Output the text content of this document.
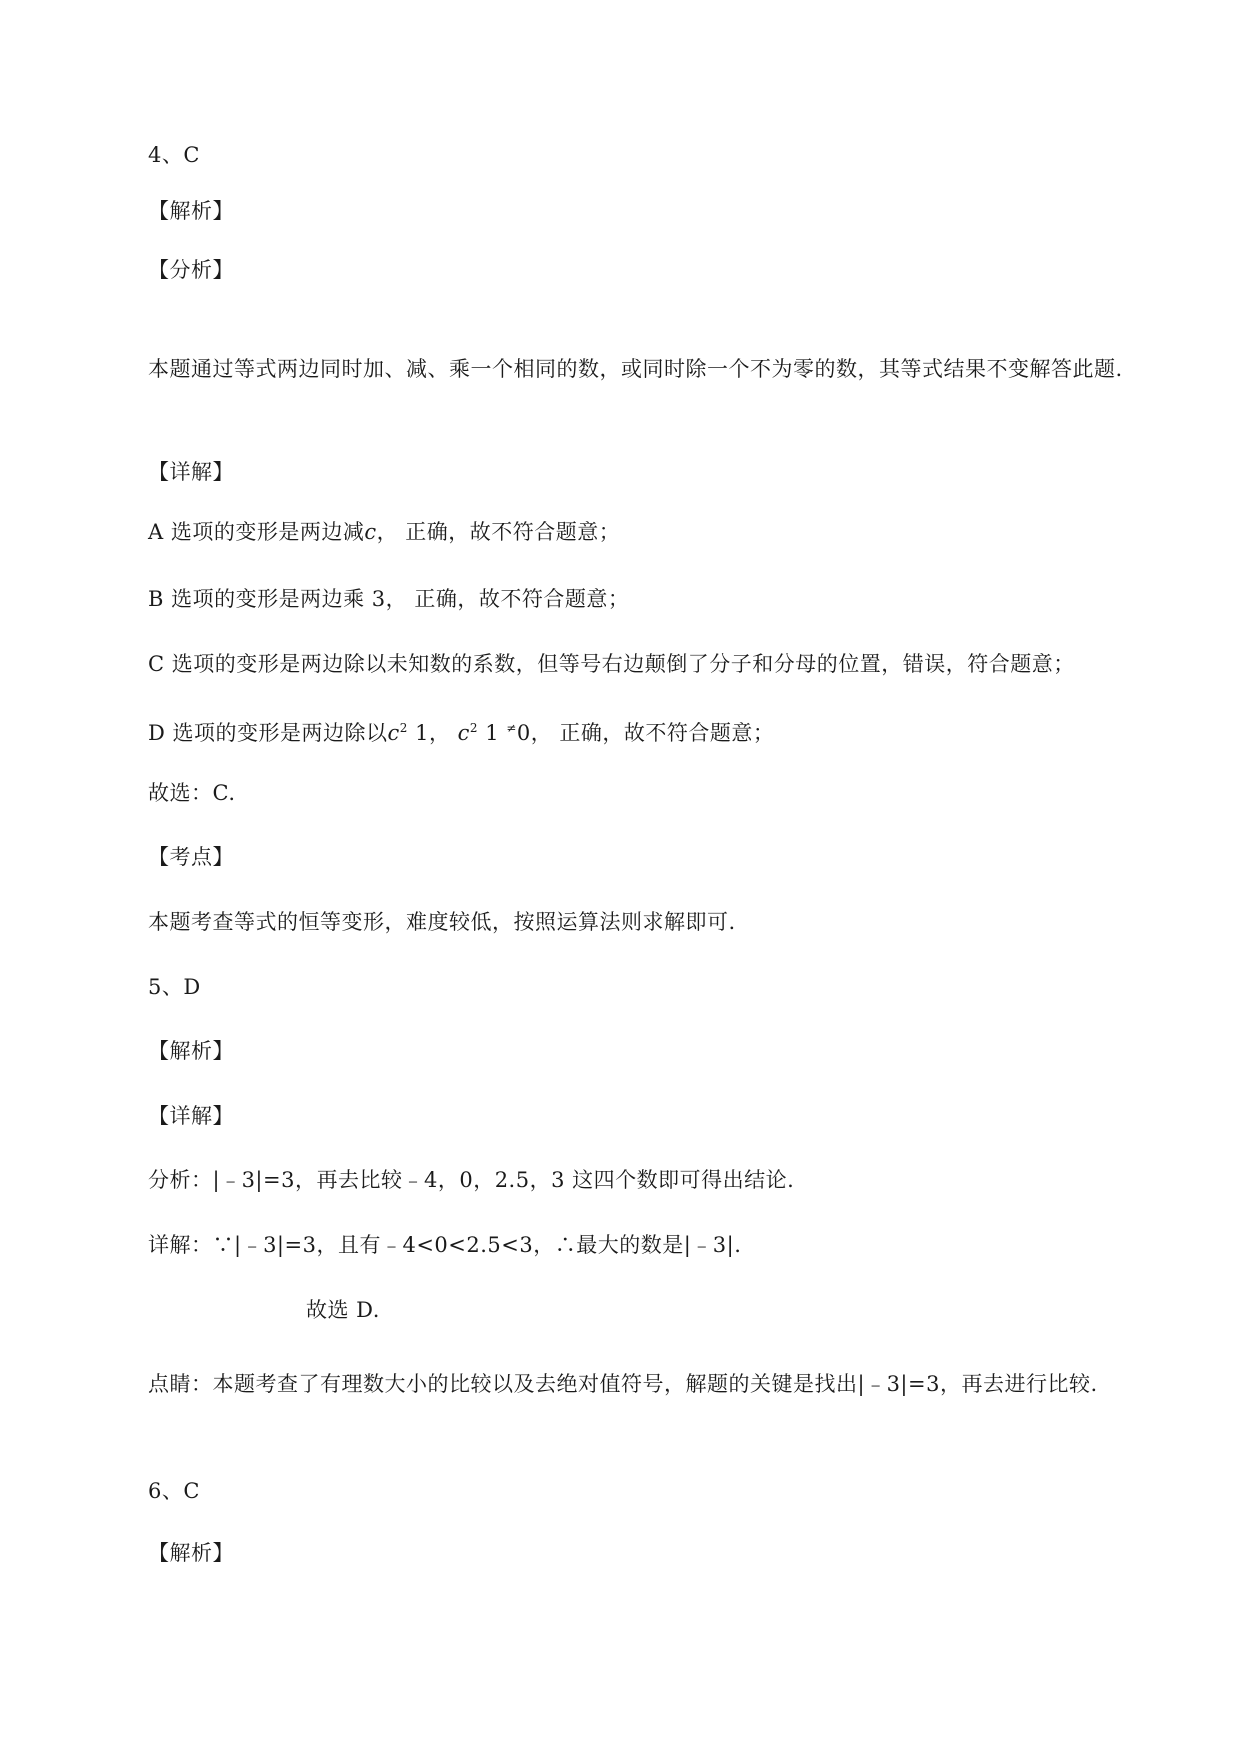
4、C
【解析】
【分析】
本题通过等式两边同时加、减、乘一个相同的数，或同时除一个不为零的数，其等式结果不变解答此题.
【详解】
A 选项的变形是两边减c， 正确，故不符合题意；
B 选项的变形是两边乘 3， 正确，故不符合题意；
C 选项的变形是两边除以未知数的系数，但等号右边颠倒了分子和分母的位置，错误，符合题意；
D 选项的变形是两边除以$c^2$ 1， $c^2$ 1 ≠0， 正确，故不符合题意；
故选：C.
【考点】
本题考查等式的恒等变形，难度较低，按照运算法则求解即可.
5、D
【解析】
【详解】
分析：|﹣3|=3，再去比较﹣4，0，2.5，3 这四个数即可得出结论.
详解：∵|﹣3|=3，且有﹣4<0<2.5<3，∴最大的数是|﹣3|.
故选 D.
点睛：本题考查了有理数大小的比较以及去绝对值符号，解题的关键是找出|﹣3|=3，再去进行比较.
6、C
【解析】
